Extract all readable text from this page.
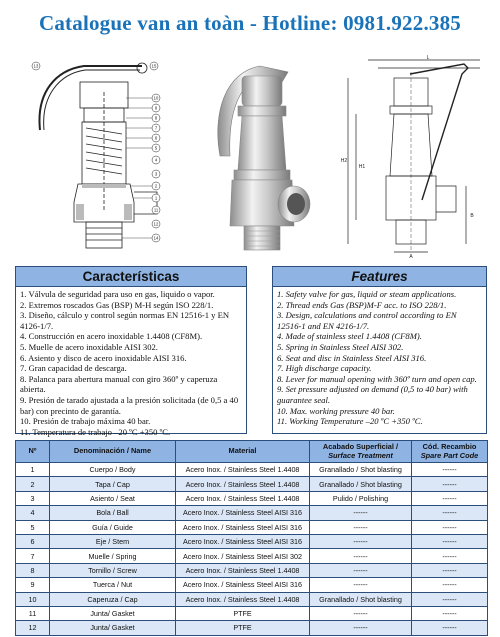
Catalogue van an toàn - Hotline: 0981.922.385
10
9
8
7
6
5
4
3
2
1
11
12
14
13	15
H2
H1
L
B
A
Características
1. Válvula de seguridad para uso en gas, liquido o vapor.
2. Extremos roscados Gas (BSP) M-H según ISO 228/1.
3. Diseño, cálculo y control según normas EN 12516-1 y EN 4126-1/7.
4. Construcción en acero inoxidable 1.4408 (CF8M).
5. Muelle de acero inoxidable AISI 302.
6. Asiento y disco de acero inoxidable AISI 316.
7. Gran capacidad de descarga.
8. Palanca para abertura manual con giro 360º y caperuza abierta.
9. Presión de tarado ajustada a la presión solicitada (de 0,5 a 40 bar) con precinto de garantía.
10. Presión de trabajo máxima 40 bar.
11. Temperatura de trabajo –20 ºC +350 ºC.
Features
1. Safety valve for gas, liquid or steam applications.
2. Thread ends Gas (BSP)M-F acc. to ISO 228/1.
3. Design, calculations and control according to EN 12516-1 and EN 4216-1/7.
4. Made of stainless steel 1.4408 (CF8M).
5. Spring in Stainless Steel AISI 302.
6. Seat and disc in Stainless Steel AISI 316.
7. High discharge capacity.
8. Lever for manual opening with 360º turn and open cap.
9. Set pressure adjusted on demand (0,5 to 40 bar) with guarantee seal.
10. Max. working pressure 40 bar.
11. Working Temperature –20 ºC +350 ºC.
Nº	Denominación / Name	Material	Acabado Superficial /
Surface Treatment	Cód. Recambio
Spare Part Code

1	Cuerpo / Body	Acero Inox. / Stainless Steel 1.4408	Granallado / Shot blasting	------
2	Tapa / Cap	Acero Inox. / Stainless Steel 1.4408	Granallado / Shot blasting	------
3	Asiento / Seat	Acero Inox. / Stainless Steel 1.4408	Pulido / Polishing	------
4	Bola / Ball	Acero Inox. / Stainless Steel AISI 316	------	------
5	Guía / Guide	Acero Inox. / Stainless Steel AISI 316	------	------
6	Eje / Stem	Acero Inox. / Stainless Steel AISI 316	------	------
7	Muelle / Spring	Acero Inox. / Stainless Steel AISI 302	------	------
8	Tornillo / Screw	Acero Inox. / Stainless Steel 1.4408	------	------
9	Tuerca / Nut	Acero Inox. / Stainless Steel AISI 316	------	------
10	Caperuza / Cap	Acero Inox. / Stainless Steel 1.4408	Granallado / Shot blasting	------
11	Junta/ Gasket	PTFE	------	------
12	Junta/ Gasket	PTFE	------	------
